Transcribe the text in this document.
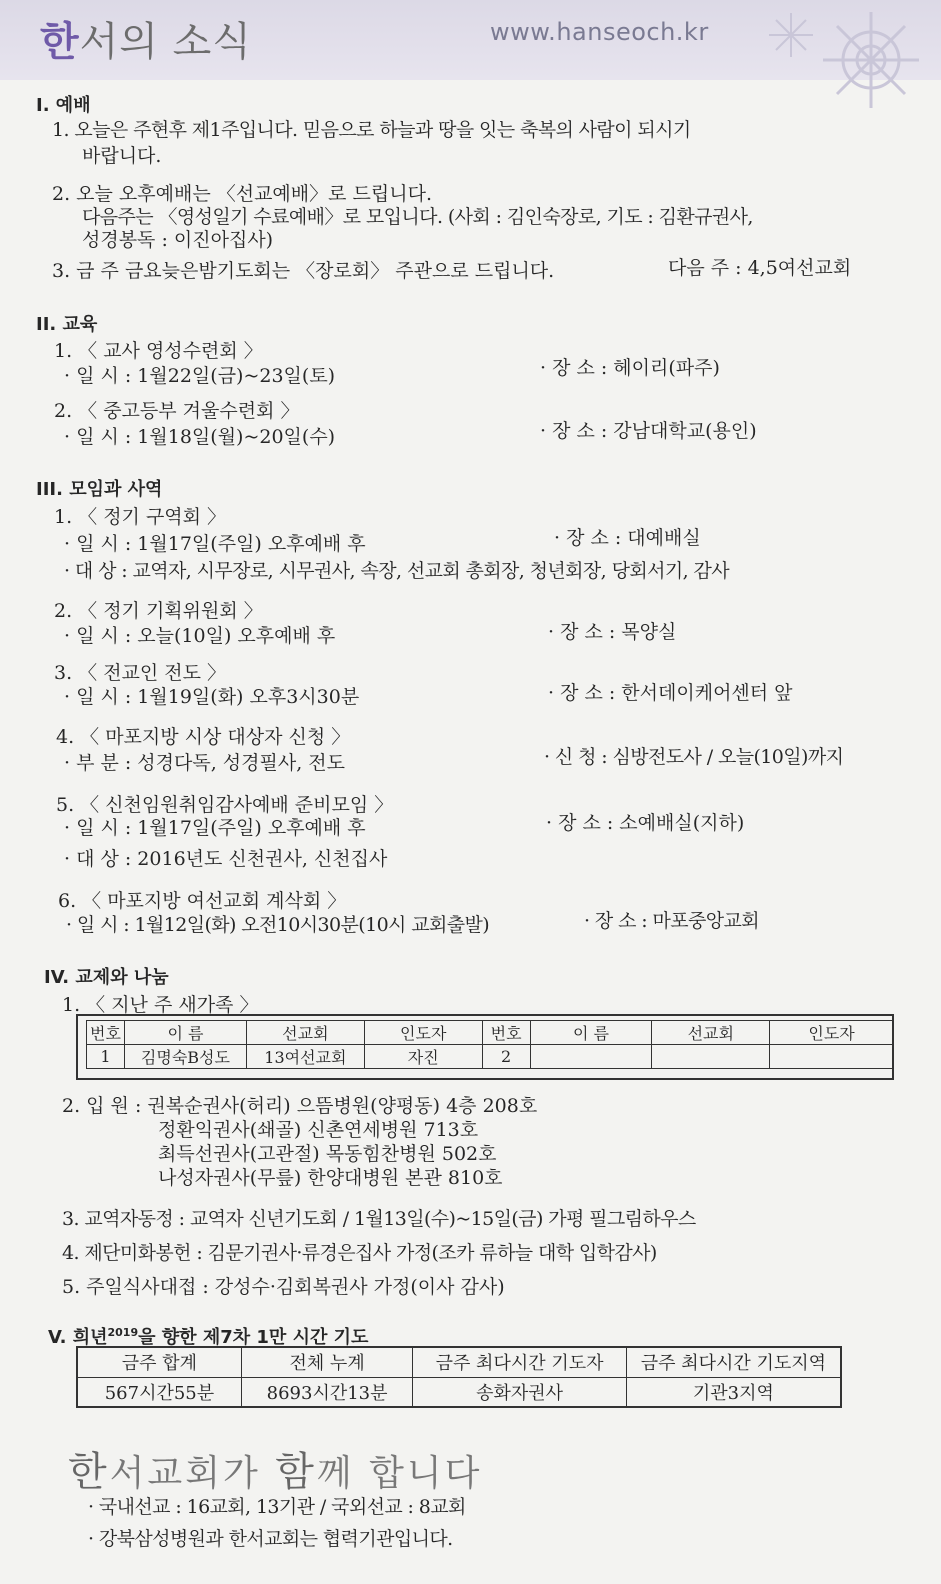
한서의 소식	www.hanseoch.kr
I. 예배
1. 오늘은 주현후 제1주입니다. 믿음으로 하늘과 땅을 잇는 축복의 사람이 되시기
바랍니다.
2. 오늘 오후예배는 〈선교예배〉로 드립니다.
다음주는 〈영성일기 수료예배〉로 모입니다. (사회 : 김인숙장로, 기도 : 김환규권사,
성경봉독 : 이진아집사)
3. 금 주 금요늦은밤기도회는 〈장로회〉 주관으로 드립니다.	다음 주 : 4,5여선교회
II. 교육
1. 〈 교사 영성수련회 〉
· 일 시 : 1월22일(금)~23일(토)	· 장 소 : 헤이리(파주)
2. 〈 중고등부 겨울수련회 〉
· 일 시 : 1월18일(월)~20일(수)	· 장 소 : 강남대학교(용인)
III. 모임과 사역
1. 〈 정기 구역회 〉
· 일 시 : 1월17일(주일) 오후예배 후	· 장 소 : 대예배실
· 대 상 : 교역자, 시무장로, 시무권사, 속장, 선교회 총회장, 청년회장, 당회서기, 감사
2. 〈 정기 기획위원회 〉
· 일 시 : 오늘(10일) 오후예배 후	· 장 소 : 목양실
3. 〈 전교인 전도 〉
· 일 시 : 1월19일(화) 오후3시30분	· 장 소 : 한서데이케어센터 앞
4. 〈 마포지방 시상 대상자 신청 〉
· 부 분 : 성경다독, 성경필사, 전도	· 신 청 : 심방전도사 / 오늘(10일)까지
5. 〈 신천임원취임감사예배 준비모임 〉
· 일 시 : 1월17일(주일) 오후예배 후	· 장 소 : 소예배실(지하)
· 대 상 : 2016년도 신천권사, 신천집사
6. 〈 마포지방 여선교회 계삭회 〉
· 일 시 : 1월12일(화) 오전10시30분(10시 교회출발)	· 장 소 : 마포중앙교회
IV. 교제와 나눔
1. 〈 지난 주 새가족 〉
번호	이 름	선교회	인도자	번호	이 름	선교회	인도자
1	김명숙B성도	13여선교회	자진	2			
2. 입 원 : 권복순권사(허리) 으뜸병원(양평동) 4층 208호
정환익권사(쇄골) 신촌연세병원 713호
최득선권사(고관절) 목동힘찬병원 502호
나성자권사(무릎) 한양대병원 본관 810호
3. 교역자동정 : 교역자 신년기도회 / 1월13일(수)~15일(금) 가평 필그림하우스
4. 제단미화봉헌 : 김문기권사·류경은집사 가정(조카 류하늘 대학 입학감사)
5. 주일식사대접 : 강성수·김회복권사 가정(이사 감사)
V. 희년$^{2019}$을 향한 제7차 1만 시간 기도
금주 합계	전체 누계	금주 최다시간 기도자	금주 최다시간 기도지역
567시간55분	8693시간13분	송화자권사	기관3지역
한서교회가 함께 합니다
· 국내선교 : 16교회, 13기관 / 국외선교 : 8교회
· 강북삼성병원과 한서교회는 협력기관입니다.
